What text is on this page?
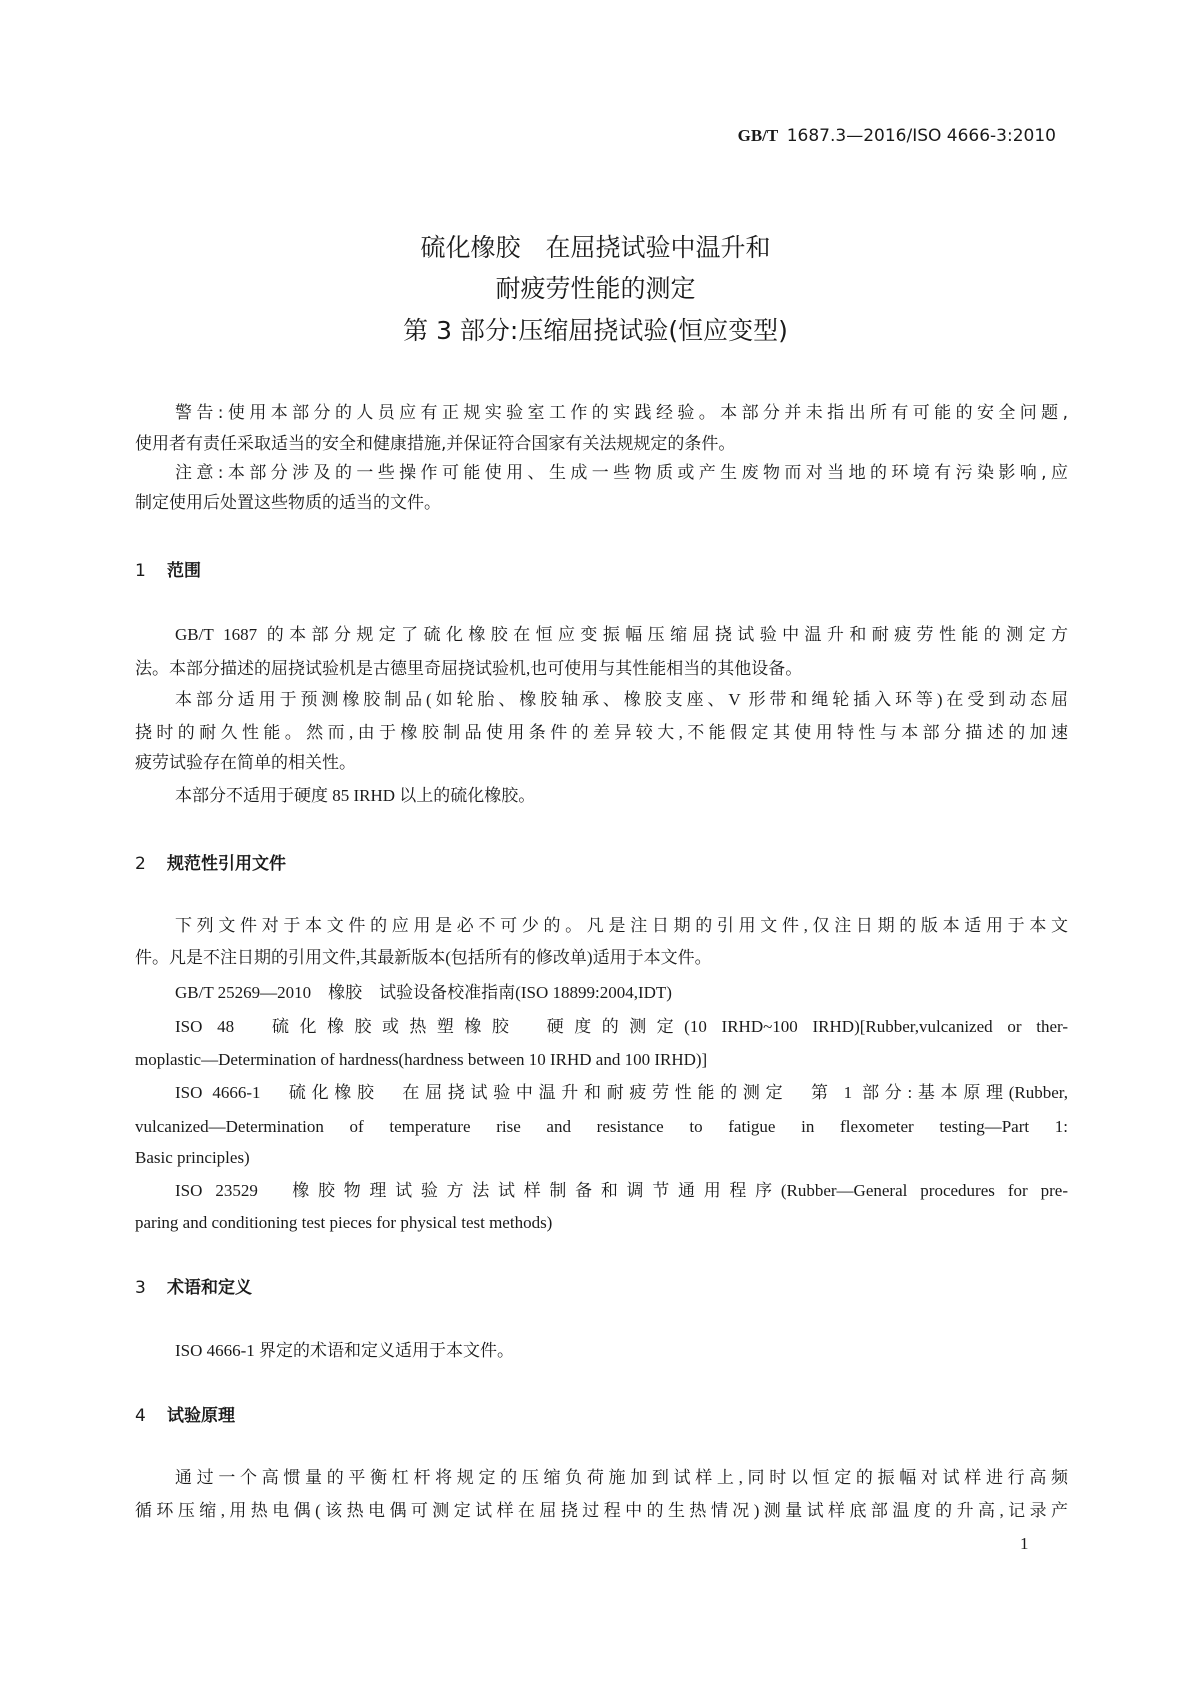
GB/T 1687.3—2016/ISO 4666-3:2010
硫化橡胶　在屈挠试验中温升和
耐疲劳性能的测定
第 3 部分:压缩屈挠试验(恒应变型)
警告:使用本部分的人员应有正规实验室工作的实践经验。本部分并未指出所有可能的安全问题,
使用者有责任采取适当的安全和健康措施,并保证符合国家有关法规规定的条件。
注意:本部分涉及的一些操作可能使用、生成一些物质或产生废物而对当地的环境有污染影响,应
制定使用后处置这些物质的适当的文件。
1 范围
GB/T 1687 的本部分规定了硫化橡胶在恒应变振幅压缩屈挠试验中温升和耐疲劳性能的测定方
法。本部分描述的屈挠试验机是古德里奇屈挠试验机,也可使用与其性能相当的其他设备。
本部分适用于预测橡胶制品(如轮胎、橡胶轴承、橡胶支座、V 形带和绳轮插入环等)在受到动态屈
挠时的耐久性能。然而,由于橡胶制品使用条件的差异较大,不能假定其使用特性与本部分描述的加速
疲劳试验存在简单的相关性。
本部分不适用于硬度 85 IRHD 以上的硫化橡胶。
2 规范性引用文件
下列文件对于本文件的应用是必不可少的。凡是注日期的引用文件,仅注日期的版本适用于本文
件。凡是不注日期的引用文件,其最新版本(包括所有的修改单)适用于本文件。
GB/T 25269—2010　橡胶　试验设备校准指南(ISO 18899:2004,IDT)
ISO 48　硫化橡胶或热塑橡胶　硬度的测定(10 IRHD~100 IRHD)[Rubber,vulcanized or ther-
moplastic—Determination of hardness(hardness between 10 IRHD and 100 IRHD)]
ISO 4666-1　硫化橡胶　在屈挠试验中温升和耐疲劳性能的测定　第 1 部分:基本原理(Rubber,
vulcanized—Determination of temperature rise and resistance to fatigue in flexometer testing—Part 1:
Basic principles)
ISO 23529　橡胶物理试验方法试样制备和调节通用程序(Rubber—General procedures for pre-
paring and conditioning test pieces for physical test methods)
3 术语和定义
ISO 4666-1 界定的术语和定义适用于本文件。
4 试验原理
通过一个高惯量的平衡杠杆将规定的压缩负荷施加到试样上,同时以恒定的振幅对试样进行高频
循环压缩,用热电偶(该热电偶可测定试样在屈挠过程中的生热情况)测量试样底部温度的升高,记录产
1
